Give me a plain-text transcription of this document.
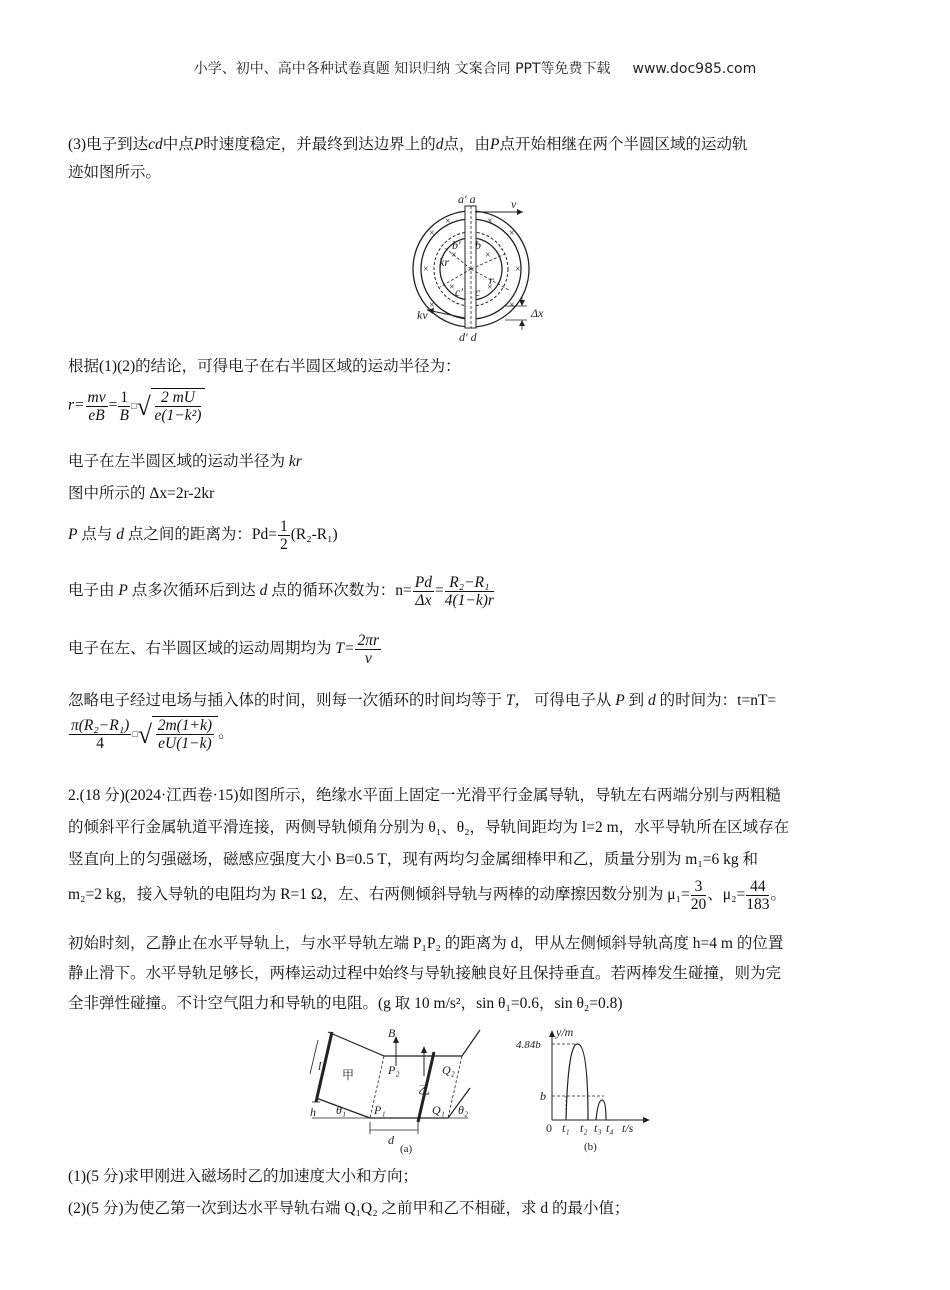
小学、初中、高中各种试卷真题 知识归纳 文案合同 PPT等免费下载 www.doc985.com
(3)电子到达cd中点P时速度稳定，并最终到达边界上的d点，由P点开始相继在两个半圆区域的运动轨
迹如图所示。
×	×
×	×
×	×
×	×
×	×
×	×
a′ a	v
b′ b
kr
r
c′ c
kv
d′ d
Δx
根据(1)(2)的结论，可得电子在右半圆区域的运动半径为：
$r= \frac{mv}{eB} = \frac{1}{B}$ □ √ $\frac{2 mU}{\text{e(1−k²)}}$
电子在左半圆区域的运动半径为 kr
图中所示的 Δx=2r-2kr
P 点与 d 点之间的距离为：$Pd= \frac{1}{2} (R_2-R_1)$
电子由 P 点多次循环后到达 d 点的循环次数为：$n= \frac{Pd}{\Delta x} = \frac{\text{R₂−R₁}}{4(1-k)r}$
电子在左、右半圆区域的运动周期均为 $T= \frac{2\pi r}{v}$
忽略电子经过电场与插入体的时间，则每一次循环的时间均等于 T， 可得电子从 P 到 d 的时间为：t=nT=
$\frac{\text{π(R₂−R₁)}}{4}$ □ √ $\frac{2m(1+k)}{eU(1-k)}$ 。
2.(18 分)(2024·江西卷·15)如图所示，绝缘水平面上固定一光滑平行金属导轨，导轨左右两端分别与两粗糙
的倾斜平行金属轨道平滑连接，两侧导轨倾角分别为 θ₁、θ₂，导轨间距均为 l=2 m，水平导轨所在区域存在
竖直向上的匀强磁场，磁感应强度大小 B=0.5 T，现有两均匀金属细棒甲和乙，质量分别为 m₁=6 kg 和
m₂=2 kg，接入导轨的电阻均为 R=1 Ω，左、右两侧倾斜导轨与两棒的动摩擦因数分别为 $\mu_1= \frac{3}{20}$ 、$\mu_2= \frac{44}{183}$ 。
初始时刻，乙静止在水平导轨上，与水平导轨左端 P₁P₂ 的距离为 d，甲从左侧倾斜导轨高度 h=4 m 的位置
静止滑下。水平导轨足够长，两棒运动过程中始终与导轨接触良好且保持垂直。若两棒发生碰撞，则为完
全非弹性碰撞。不计空气阻力和导轨的电阻。(g 取 10 m/s²，sin θ₁=0.6，sin θ₂=0.8)
l
甲
乙
B
P₂	Q₂
P₁	Q₁
h θ₁	θ₂
d
(a)
y/m
4.84b
b
0 t₁ t₂ t₃ t₄ t/s
(b)
(1)(5 分)求甲刚进入磁场时乙的加速度大小和方向；
(2)(5 分)为使乙第一次到达水平导轨右端 Q₁Q₂ 之前甲和乙不相碰，求 d 的最小值；
